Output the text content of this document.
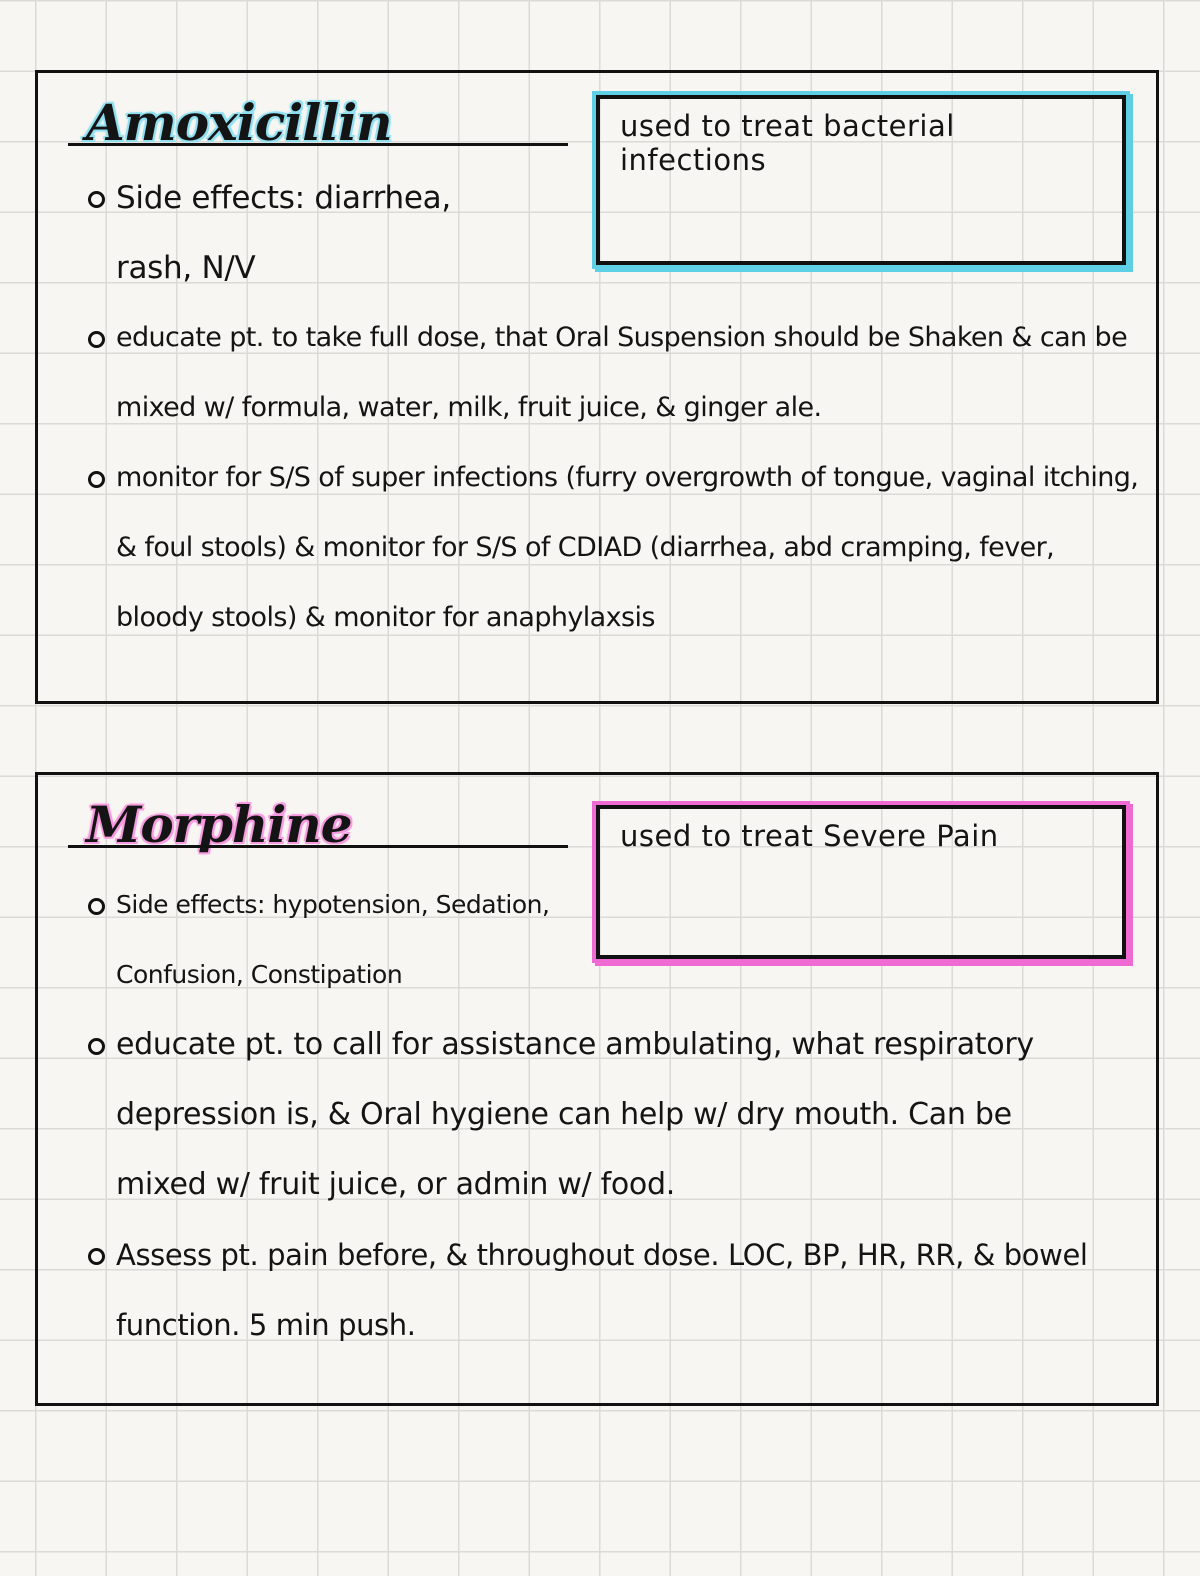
Amoxicillin	used to treat bacterial infections
Side effects: diarrhea, rash, N/V
educate pt. to take full dose, that Oral Suspension should be Shaken & can be mixed w/ formula, water, milk, fruit juice, & ginger ale.
monitor for S/S of super infections (furry overgrowth of tongue, vaginal itching, & foul stools) & monitor for S/S of CDIAD (diarrhea, abd cramping, fever, bloody stools) & monitor for anaphylaxsis
Morphine	used to treat Severe Pain
Side effects: hypotension, Sedation, Confusion, Constipation
educate pt. to call for assistance ambulating, what respiratory depression is, & Oral hygiene can help w/ dry mouth. Can be mixed w/ fruit juice, or admin w/ food.
Assess pt. pain before, & throughout dose. LOC, BP, HR, RR, & bowel function. 5 min push.
